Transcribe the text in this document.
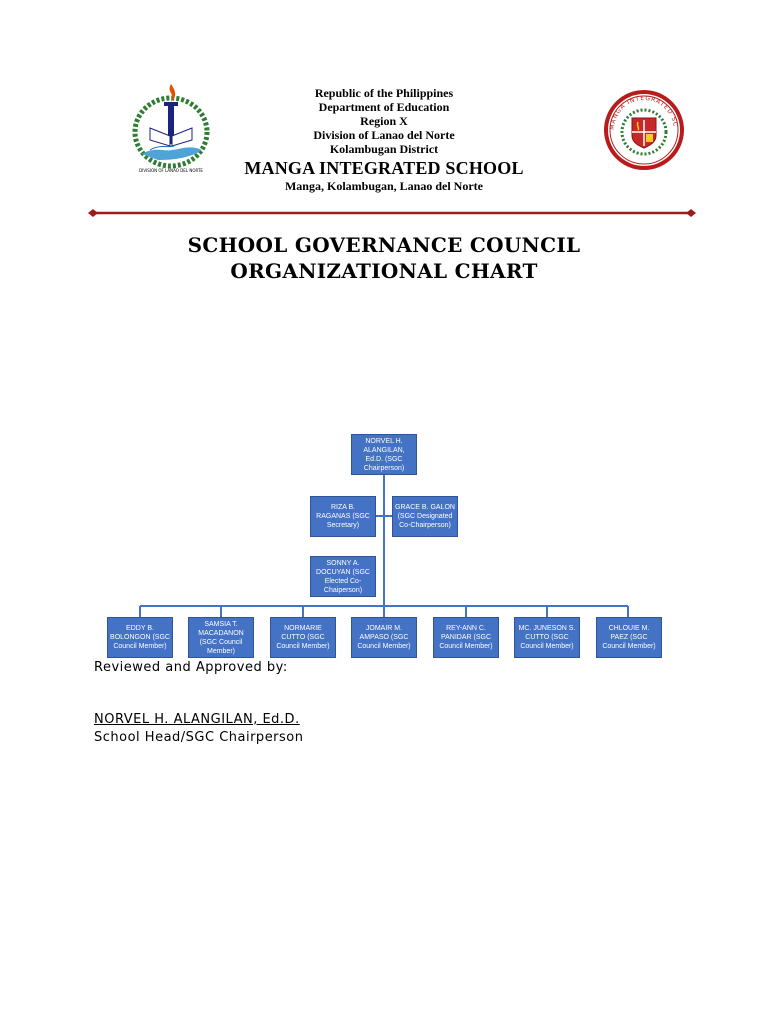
DIVISION OF LANAO DEL NORTE
Republic of the Philippines
Department of Education
Region X
Division of Lanao del Norte
Kolambugan District
MANGA INTEGRATED SCHOOL
Manga, Kolambugan, Lanao del Norte
MANGA INTEGRATED SC
SCHOOL GOVERNANCE COUNCIL
ORGANIZATIONAL CHART
NORVEL H. ALANGILAN, Ed.D. (SGC Chairperson)
RIZA B. RAGANAS (SGC Secretary)
GRACE B. GALON (SGC Designated Co-Chairperson)
SONNY A. DOCUYAN (SGC Elected Co-Chaiperson)
EDDY B. BOLONGON (SGC Council Member)
SAMSIA T. MACADANON (SGC Council Member)
NORMARIE CUTTO (SGC Council Member)
JOMAIR M. AMPASO (SGC Council Member)
REY-ANN C. PANIDAR (SGC Council Member)
MC. JUNESON S. CUTTO (SGC Council Member)
CHLOUIE M. PAEZ (SGC Council Member)
Reviewed and Approved by:
NORVEL H. ALANGILAN, Ed.D.
School Head/SGC Chairperson
